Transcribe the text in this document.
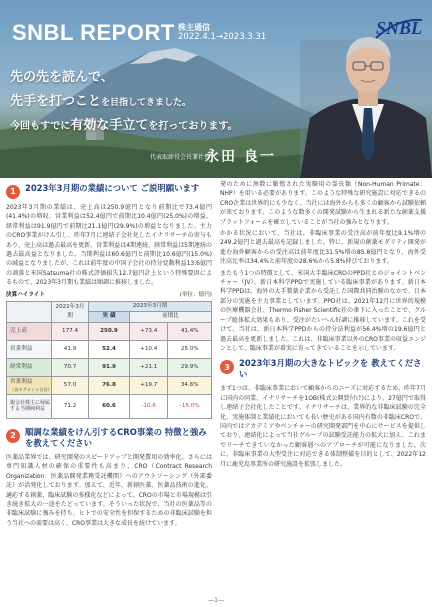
SNBL REPORT 株主通信
2022.4.1→2023.3.31	SNBL
先の先を読んで、
先手を打つことを目指してきました。
今回もすでに有効な手立てを打っております。
代表取締役会長兼社長
永田 良一
1	2023年3月期の業績について ご説明願います

2023年3月期の業績は、売上高は250.9億円となり前期比で73.4億円(41.4%)の増収、営業利益は52.4億円で前期比10.4億円(25.0%)の増益、経常利益は91.9億円で前期比21.1億円(29.9%)の増益となりました。主力のCRO事業がけん引し、昨年7月に連結子会社化したイナリサーチの寄与もあり、売上高は過去最高を更新、営業利益は4期連続、経常利益は5期連続の過去最高益となりました。当期利益は60.6億円と前期比10.6億円(15.0%)の減益となりましたが、これは前年度の中国子会社の持分変動利益13.6億円の剥落と米国Satsuma社の株式評価損失12.7億円計上という特殊要因によるもので、2023年3月期も業績は順調に推移しました。

決算ハイライト	(単位：億円)
	2022年3月期	2023年3月期		
		実 績	前期比	
売上高	177.4	250.9	+73.4	41.4%
営業利益	41.9	52.4	+10.4	25.0%
経常利益	70.7	91.9	+21.1	29.9%
営業利益
（各セグメント合計）	57.0	76.8	+19.7	34.6%
親会社株主に帰属する当期純利益	71.2	60.6	-10.6	-15.0%
2	順調な業績をけん引するCRO事業の 特徴と強みを教えてください

医薬品業界では、研究開発のスピードアップと開発費用の効率化、さらには専門知識人材の確保の重要性も高まり、CRO（Contract Research Organization：医薬品開発業務受託機関）へのアウトソーシング（外部委託）が活発化しております。加えて、近年、新創医薬、医薬品技術の進化、適応する創薬、臨床試験の多様化などによって、CROの市場と市場規模は引き続き拡大の一途をたどっています。そういった状況で、当社の医薬品等の非臨床試験に強みを持ち、ヒトでの安全性を担保するための非臨床試験を担う当社への需要は高く、CRO事業は大きな成長を続けています。

発のために無数に繁殖された実験用の霊長類（Non-Human Primate：NHP）を用いる必要があります。このような特殊な研究施設に対応できるのCRO企業は世界的にも少なく、当社には海外からも多くの顧客から試験依頼が来ております。このような数多くの開発試験から生まれる新たな創薬支援プラットフォームを確立していることが当社の強みとなります。

かかる状況において、当社は、非臨床事業の受注高が前年度比9.1%増の249.2億円と過去最高を記録しました。特に、新規の創薬モダリティ開発が進む海外顧客からの受注高は前年度比31.5%増の85.8億円となり、海外受注高比率は34.4%と前年度の28.6%から5.8%伸びております。

またもう1つの特徴として、米国大手臨床CROのPPD社とのジョイントベンチャー（JV）、新日本科学PPDで実施している臨床事業があります。新日本科学PPDは、海外の大手製薬企業から受託した国際共同治験のなかで、日本部分の実施を主力事業としています。PPD社は、2021年12月に世界的規模の医療機器会社、Thermo Fisher Scientific社の傘下に入ったことで、グループ総体拡大効果もあり、受注がたいへん好調に推移しています。これを受けて、当社は、新日本科学PPDからの持分法利益が56.4%増の19.6億円と過去最高を更新しました。これは、非臨床事業以外のCRO事業の収益エンジンとして、臨床事業が着実に育ってきていることを示しています。

3	2023年3月期の大きなトピックを 教えてください

まず1つは、非臨床事業において顧客からのニーズに対応するため、昨年7月に国内の同業、イナリサーチを1OB(株式公開買付け)により、27億円で取得し連結子会社化したことです。イナリサーチは、業界的な非臨床試験の完全化、実施体制と業績化においても長い歴史がある国内有数の非臨床CROで、国内ではアカデミアやベンチャーの研究開発部門を中心にサービスを提供しており、連結化によって当社グループの試験受託能力の拡大に加え、これまでリーチできていなかった顧客層へのアプローチが可能になりました。次に、非臨床事業の大型受注に対応できる体制整備を目的として、2022年12月に鹿児島事業所の研究施設を拡張しました。

―1―
